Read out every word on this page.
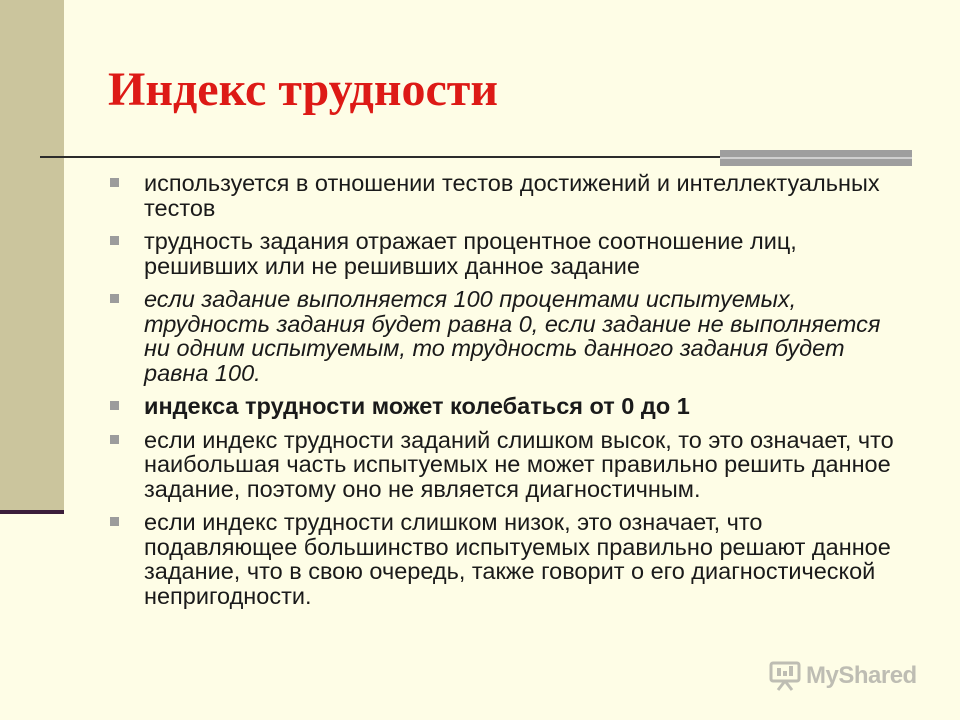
Индекс трудности
используется в отношении тестов достижений и интеллектуальных тестов
трудность задания отражает процентное соотношение лиц, решивших или не решивших данное задание
если задание выполняется 100 процентами испытуемых, трудность задания будет равна 0, если задание не выполняется ни одним испытуемым, то трудность данного задания будет равна 100.
индекса трудности может колебаться от 0 до 1
если индекс трудности заданий слишком высок, то это означает, что наибольшая часть испытуемых не может правильно решить данное задание, поэтому оно не является диагностичным.
если индекс трудности слишком низок, это означает, что подавляющее большинство испытуемых правильно решают данное задание, что в свою очередь, также говорит о его диагностической непригодности.
MyShared
